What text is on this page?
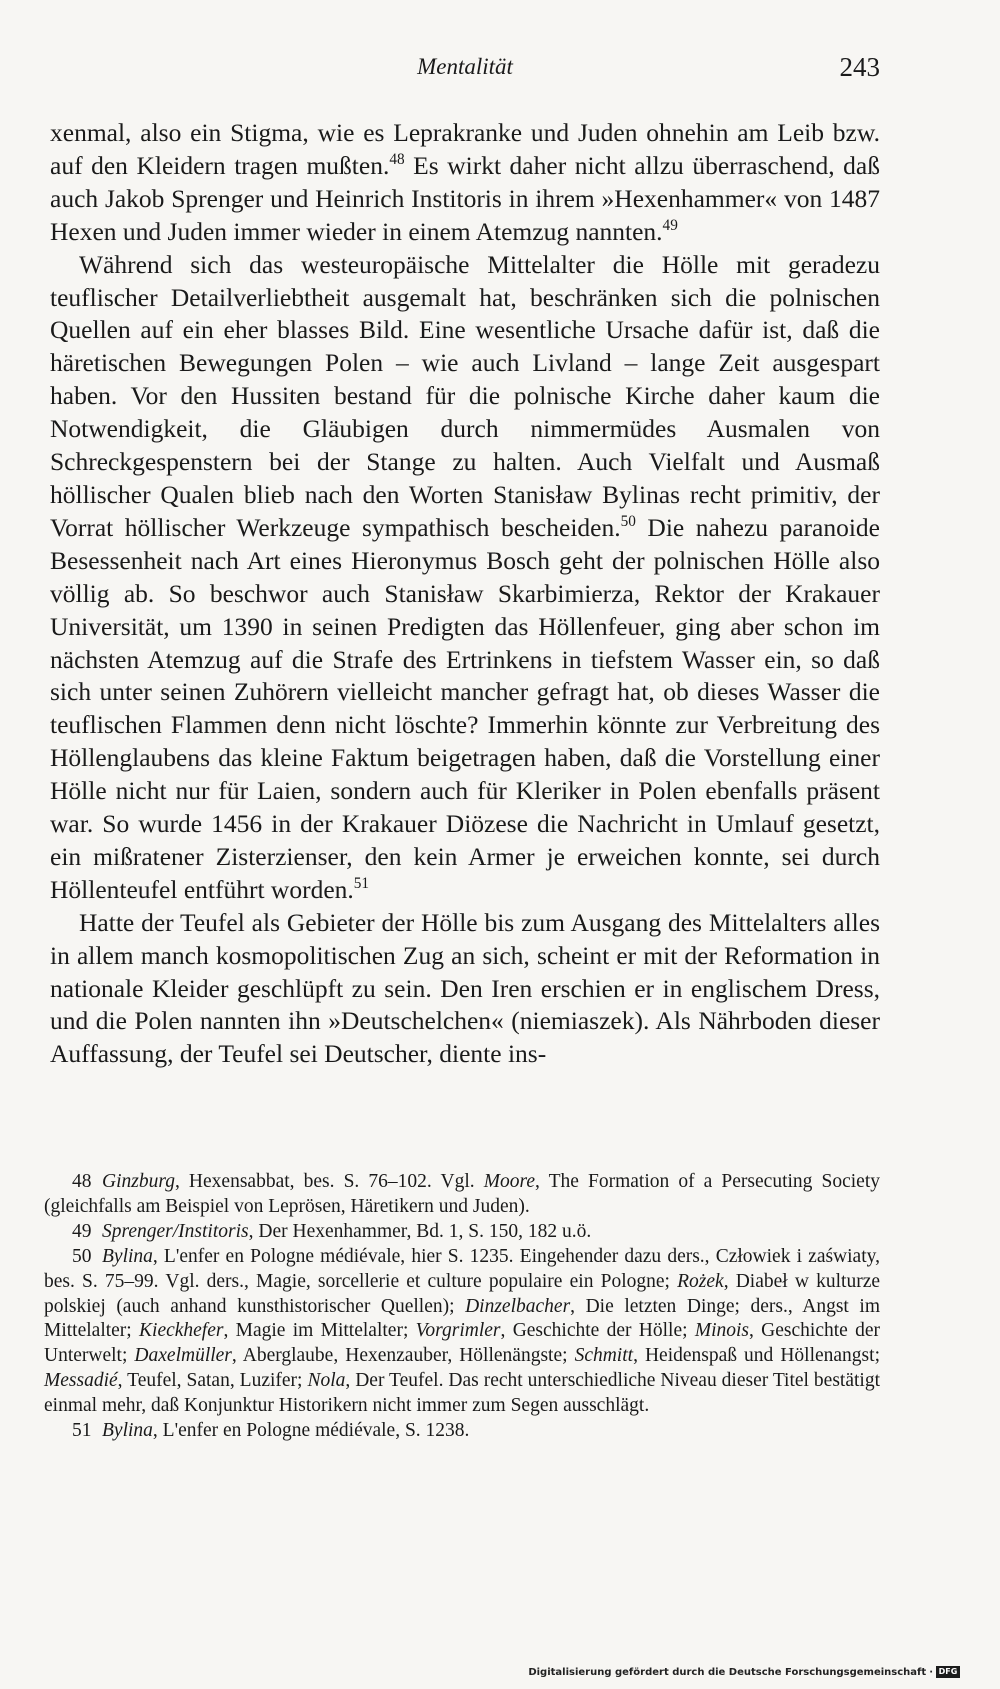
Mentalität	243

xenmal, also ein Stigma, wie es Leprakranke und Juden ohnehin am Leib bzw. auf den Kleidern tragen mußten.$^{48}$ Es wirkt daher nicht allzu überraschend, daß auch Jakob Sprenger und Heinrich Institoris in ihrem »Hexenhammer« von 1487 Hexen und Juden immer wieder in einem Atemzug nannten.$^{49}$

Während sich das westeuropäische Mittelalter die Hölle mit geradezu teuflischer Detailverliebtheit ausgemalt hat, beschränken sich die polnischen Quellen auf ein eher blasses Bild. Eine wesentliche Ursache dafür ist, daß die häretischen Bewegungen Polen – wie auch Livland – lange Zeit ausgespart haben. Vor den Hussiten bestand für die polnische Kirche daher kaum die Notwendigkeit, die Gläubigen durch nimmermüdes Ausmalen von Schreckgespenstern bei der Stange zu halten. Auch Vielfalt und Ausmaß höllischer Qualen blieb nach den Worten Stanisław Bylinas recht primitiv, der Vorrat höllischer Werkzeuge sympathisch bescheiden.$^{50}$ Die nahezu paranoide Besessenheit nach Art eines Hieronymus Bosch geht der polnischen Hölle also völlig ab. So beschwor auch Stanisław Skarbimierza, Rektor der Krakauer Universität, um 1390 in seinen Predigten das Höllenfeuer, ging aber schon im nächsten Atemzug auf die Strafe des Ertrinkens in tiefstem Wasser ein, so daß sich unter seinen Zuhörern vielleicht mancher gefragt hat, ob dieses Wasser die teuflischen Flammen denn nicht löschte? Immerhin könnte zur Verbreitung des Höllenglaubens das kleine Faktum beigetragen haben, daß die Vorstellung einer Hölle nicht nur für Laien, sondern auch für Kleriker in Polen ebenfalls präsent war. So wurde 1456 in der Krakauer Diözese die Nachricht in Umlauf gesetzt, ein mißratener Zisterzienser, den kein Armer je erweichen konnte, sei durch Höllenteufel entführt worden.$^{51}$

Hatte der Teufel als Gebieter der Hölle bis zum Ausgang des Mittelalters alles in allem manch kosmopolitischen Zug an sich, scheint er mit der Reformation in nationale Kleider geschlüpft zu sein. Den Iren erschien er in englischem Dress, und die Polen nannten ihn »Deutschelchen« (niemiaszek). Als Nährboden dieser Auffassung, der Teufel sei Deutscher, diente ins-

48 Ginzburg, Hexensabbat, bes. S. 76–102. Vgl. Moore, The Formation of a Persecuting Society (gleichfalls am Beispiel von Leprösen, Häretikern und Juden).

49 Sprenger/Institoris, Der Hexenhammer, Bd. 1, S. 150, 182 u.ö.

50 Bylina, L'enfer en Pologne médiévale, hier S. 1235. Eingehender dazu ders., Człowiek i zaświaty, bes. S. 75–99. Vgl. ders., Magie, sorcellerie et culture populaire ein Pologne; Rożek, Diabeł w kulturze polskiej (auch anhand kunsthistorischer Quellen); Dinzelbacher, Die letzten Dinge; ders., Angst im Mittelalter; Kieckhefer, Magie im Mittelalter; Vorgrimler, Geschichte der Hölle; Minois, Geschichte der Unterwelt; Daxelmüller, Aberglaube, Hexenzauber, Höllenängste; Schmitt, Heidenspaß und Höllenangst; Messadié, Teufel, Satan, Luzifer; Nola, Der Teufel. Das recht unterschiedliche Niveau dieser Titel bestätigt einmal mehr, daß Konjunktur Historikern nicht immer zum Segen ausschlägt.

51 Bylina, L'enfer en Pologne médiévale, S. 1238.

Digitalisierung gefördert durch die Deutsche Forschungsgemeinschaft · DFG
